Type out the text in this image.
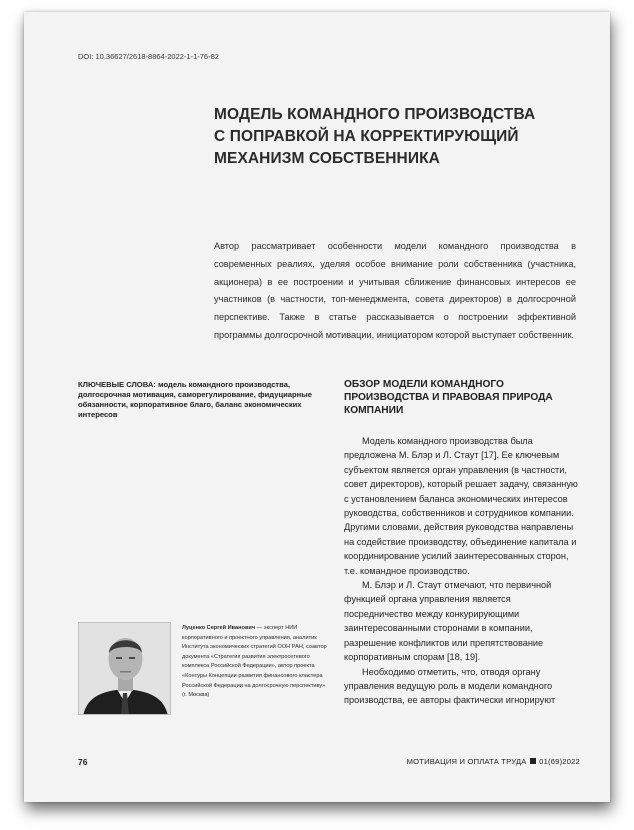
DOI: 10.36627/2618-8864-2022-1-1-76-82
МОДЕЛЬ КОМАНДНОГО ПРОИЗВОДСТВА
С ПОПРАВКОЙ НА КОРРЕКТИРУЮЩИЙ
МЕХАНИЗМ СОБСТВЕННИКА

Автор рассматривает особенности модели командного производства в современных реалиях, уделяя особое внимание роли собственника (участника, акционера) в ее построении и учитывая сближение финансовых интересов ее участников (в частности, топ-менеджмента, совета директоров) в долгосрочной перспективе. Также в статье рассказывается о построении эффективной программы долгосрочной мотивации, инициатором которой выступает собственник.

КЛЮЧЕВЫЕ СЛОВА: модель командного производства, долгосрочная мотивация, саморегулирование, фидуциарные обязанности, корпоративное благо, баланс экономических интересов

ОБЗОР МОДЕЛИ КОМАНДНОГО ПРОИЗВОДСТВА И ПРАВОВАЯ ПРИРОДА КОМПАНИИ

Модель командного производства была предложена М. Блэр и Л. Стаут [17]. Ее ключевым субъектом является орган управления (в частности, совет директоров), который решает задачу, связанную с установлением баланса экономических интересов руководства, собственников и сотрудников компании. Другими словами, действия руководства направлены на содействие производству, объединение капитала и координирование усилий заинтересованных сторон, т.е. командное производство.

М. Блэр и Л. Стаут отмечают, что первичной функцией органа управления является посредничество между конкурирующими заинтересованными сторонами в компании, разрешение конфликтов или препятствование корпоративным спорам [18, 19].

Необходимо отметить, что, отводя органу управления ведущую роль в модели командного производства, ее авторы фактически игнорируют

Луценко Сергей Иванович — эксперт НИИ корпоративного и проектного управления, аналитик Института экономических стратегий ООН РАН, соавтор документа «Стратегия развития электросетевого комплекса Российской Федерации», автор проекта «Контуры Концепции развития финансового кластера Российской Федерации на долгосрочную перспективу» (г. Москва)

76	МОТИВАЦИЯ И ОПЛАТА ТРУДА 01(69)2022
